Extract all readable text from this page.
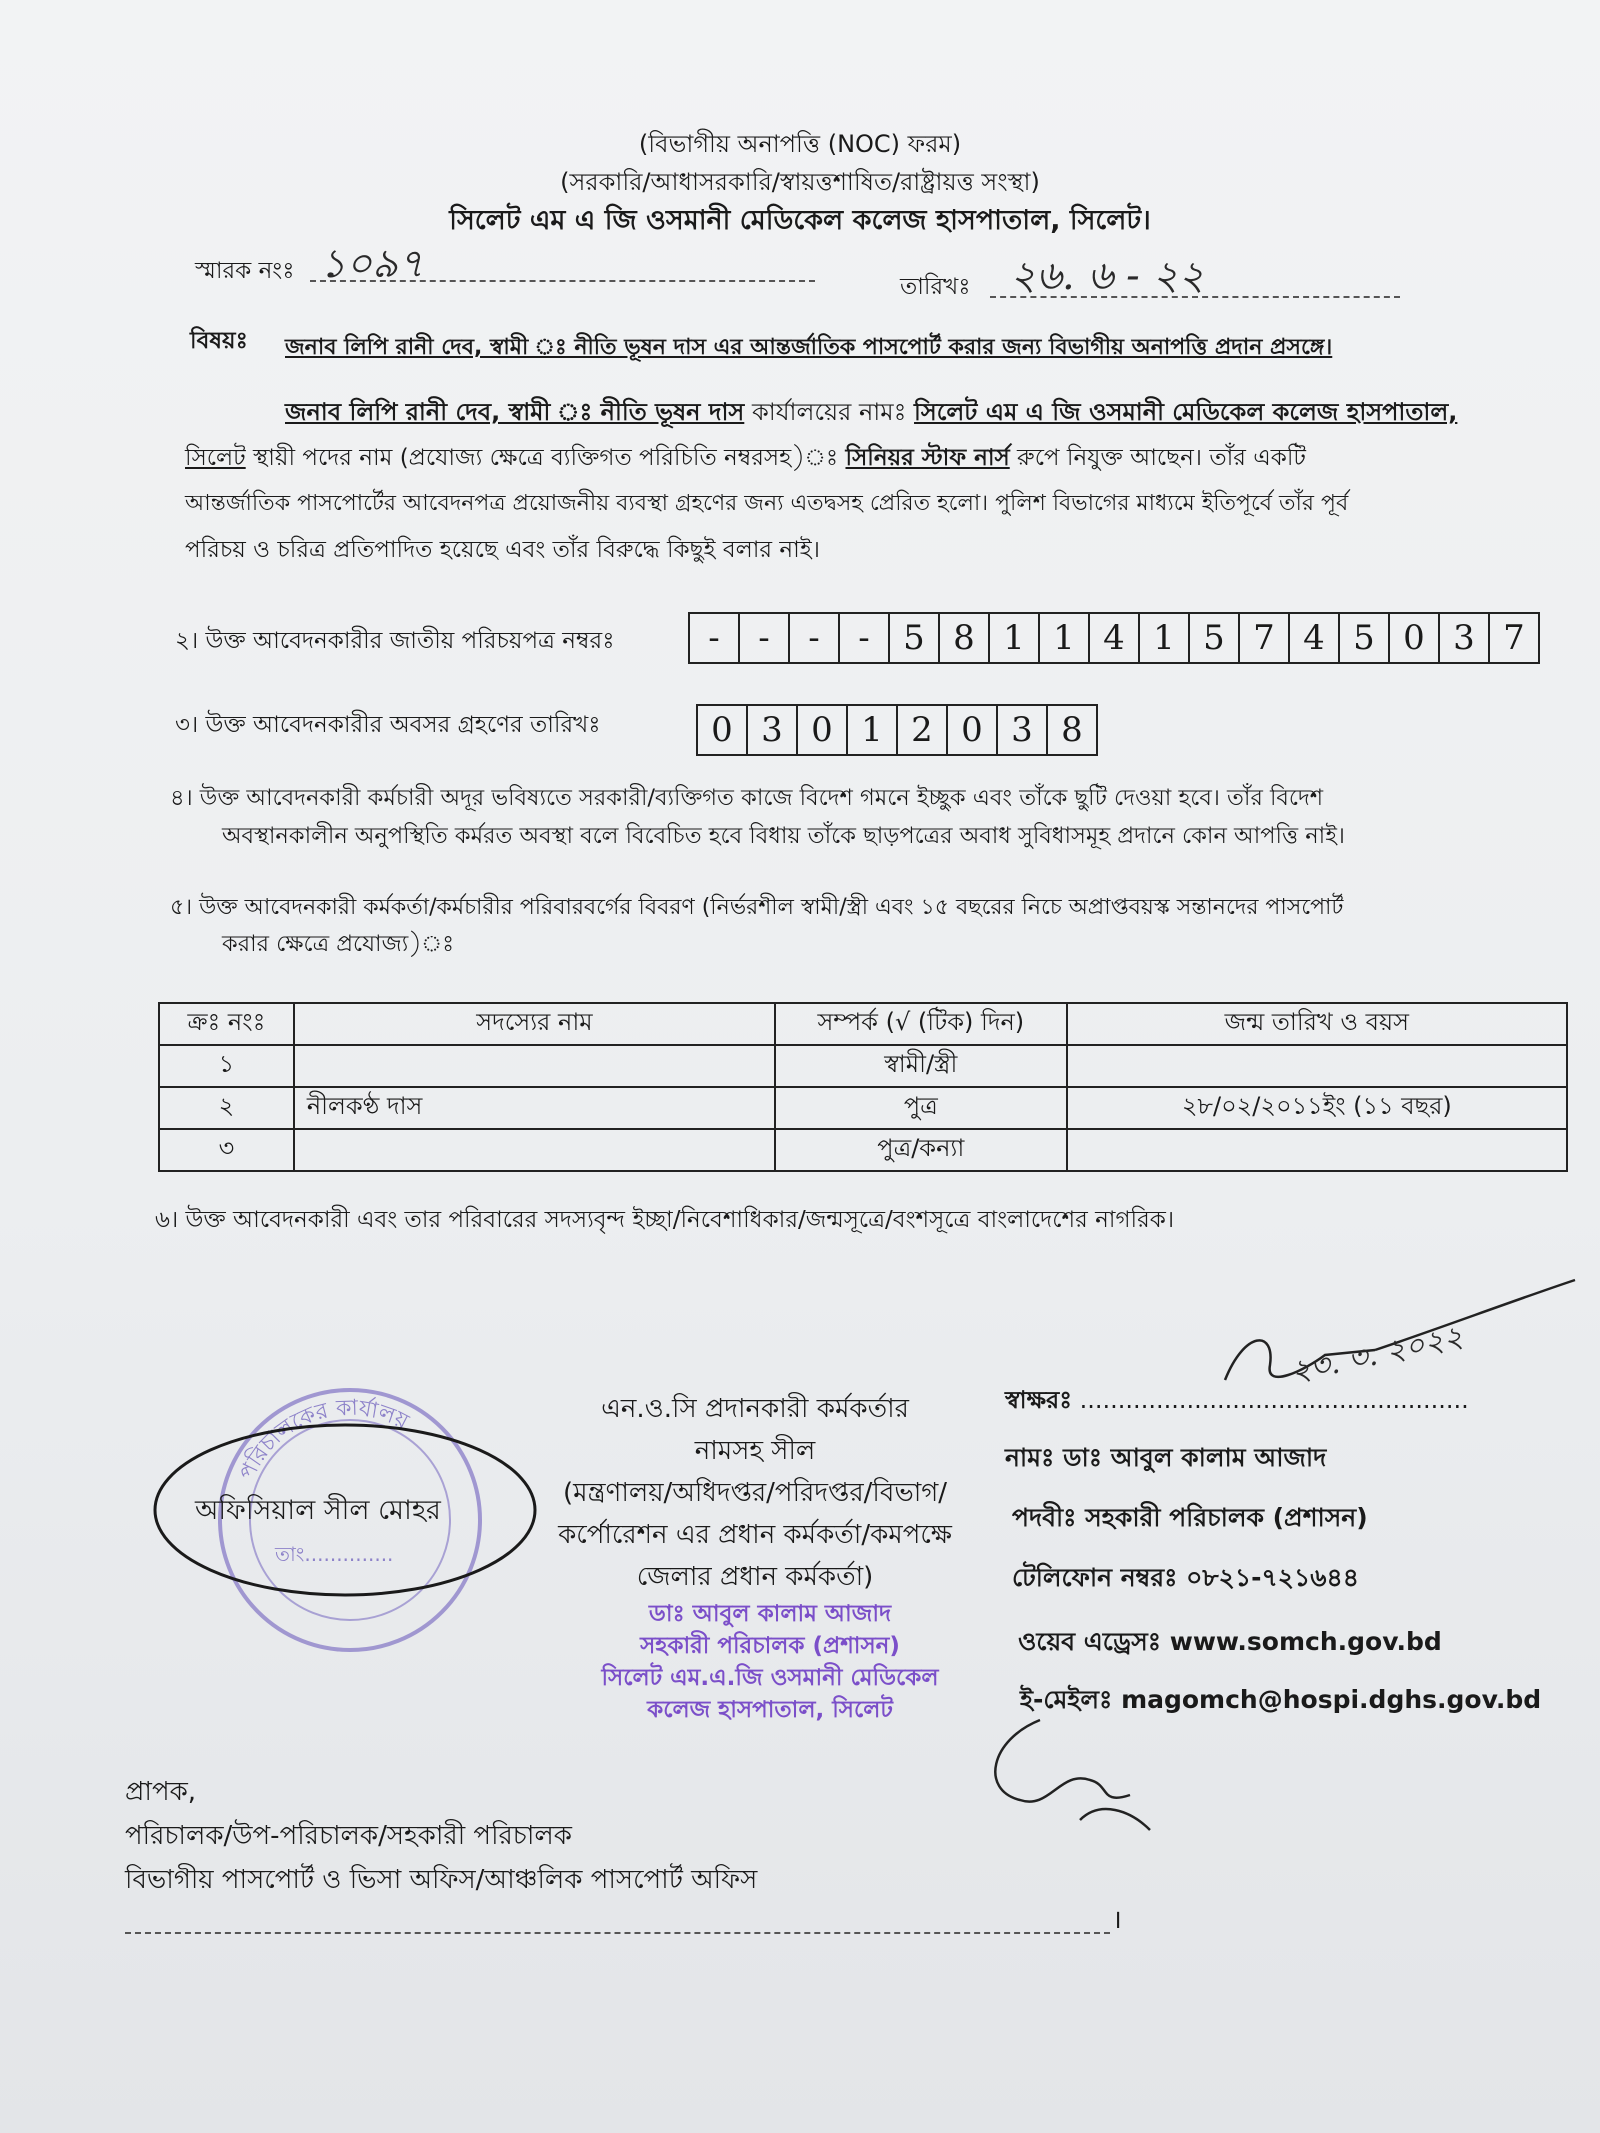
(বিভাগীয় অনাপত্তি (NOC) ফরম)
(সরকারি/আধাসরকারি/স্বায়ত্তশাষিত/রাষ্ট্রায়ত্ত সংস্থা)
সিলেট এম এ জি ওসমানী মেডিকেল কলেজ হাসপাতাল, সিলেট।
স্মারক নংঃ ১০৯৭	তারিখঃ ২৬. ৬ - ২২
বিষয়ঃ জনাব লিপি রানী দেব, স্বামী ঃ নীতি ভূষন দাস এর আন্তর্জাতিক পাসপোর্ট করার জন্য বিভাগীয় অনাপত্তি প্রদান প্রসঙ্গে।
জনাব লিপি রানী দেব, স্বামী ঃ নীতি ভূষন দাস কার্যালয়ের নামঃ সিলেট এম এ জি ওসমানী মেডিকেল কলেজ হাসপাতাল,
সিলেট স্থায়ী পদের নাম (প্রযোজ্য ক্ষেত্রে ব্যক্তিগত পরিচিতি নম্বরসহ)ঃ সিনিয়র স্টাফ নার্স রুপে নিযুক্ত আছেন। তাঁর একটি
আন্তর্জাতিক পাসপোর্টের আবেদনপত্র প্রয়োজনীয় ব্যবস্থা গ্রহণের জন্য এতদ্বসহ প্রেরিত হলো। পুলিশ বিভাগের মাধ্যমে ইতিপূর্বে তাঁর পূর্ব
পরিচয় ও চরিত্র প্রতিপাদিত হয়েছে এবং তাঁর বিরুদ্ধে কিছুই বলার নাই।
২। উক্ত আবেদনকারীর জাতীয় পরিচয়পত্র নম্বরঃ	-	-	-	- 5 8 1 1 4 1 5 7 4 5 0 3 7
৩। উক্ত আবেদনকারীর অবসর গ্রহণের তারিখঃ	0 3 0 1 2 0 3 8
৪। উক্ত আবেদনকারী কর্মচারী অদূর ভবিষ্যতে সরকারী/ব্যক্তিগত কাজে বিদেশ গমনে ইচ্ছুক এবং তাঁকে ছুটি দেওয়া হবে। তাঁর বিদেশ
অবস্থানকালীন অনুপস্থিতি কর্মরত অবস্থা বলে বিবেচিত হবে বিধায় তাঁকে ছাড়পত্রের অবাধ সুবিধাসমূহ প্রদানে কোন আপত্তি নাই।
৫। উক্ত আবেদনকারী কর্মকর্তা/কর্মচারীর পরিবারবর্গের বিবরণ (নির্ভরশীল স্বামী/স্ত্রী এবং ১৫ বছরের নিচে অপ্রাপ্তবয়স্ক সন্তানদের পাসপোর্ট
করার ক্ষেত্রে প্রযোজ্য)ঃ
ক্রঃ নংঃ	সদস্যের নাম	সম্পর্ক (√ (টিক) দিন)	জন্ম তারিখ ও বয়স
১		স্বামী/স্ত্রী	
২	নীলকণ্ঠ দাস	পুত্র	২৮/০২/২০১১ইং (১১ বছর)
৩		পুত্র/কন্যা	
৬। উক্ত আবেদনকারী এবং তার পরিবারের সদস্যবৃন্দ ইচ্ছা/নিবেশাধিকার/জন্মসূত্রে/বংশসূত্রে বাংলাদেশের নাগরিক।
পরিচালকের কার্যালয়
অফিসিয়াল সীল মোহর
তাং..............
এন.ও.সি প্রদানকারী কর্মকর্তার
নামসহ সীল
(মন্ত্রণালয়/অধিদপ্তর/পরিদপ্তর/বিভাগ/
কর্পোরেশন এর প্রধান কর্মকর্তা/কমপক্ষে
জেলার প্রধান কর্মকর্তা)
ডাঃ আবুল কালাম আজাদ
সহকারী পরিচালক (প্রশাসন)
সিলেট এম.এ.জি ওসমানী মেডিকেল
কলেজ হাসপাতাল, সিলেট
স্বাক্ষরঃ ...................................................
২৩. ৩. ২০২২
নামঃ ডাঃ আবুল কালাম আজাদ
পদবীঃ সহকারী পরিচালক (প্রশাসন)
টেলিফোন নম্বরঃ ০৮২১-৭২১৬৪৪
ওয়েব এড্রেসঃ www.somch.gov.bd
ই-মেইলঃ magomch@hospi.dghs.gov.bd
প্রাপক,
পরিচালক/উপ-পরিচালক/সহকারী পরিচালক
বিভাগীয় পাসপোর্ট ও ভিসা অফিস/আঞ্চলিক পাসপোর্ট অফিস
।
